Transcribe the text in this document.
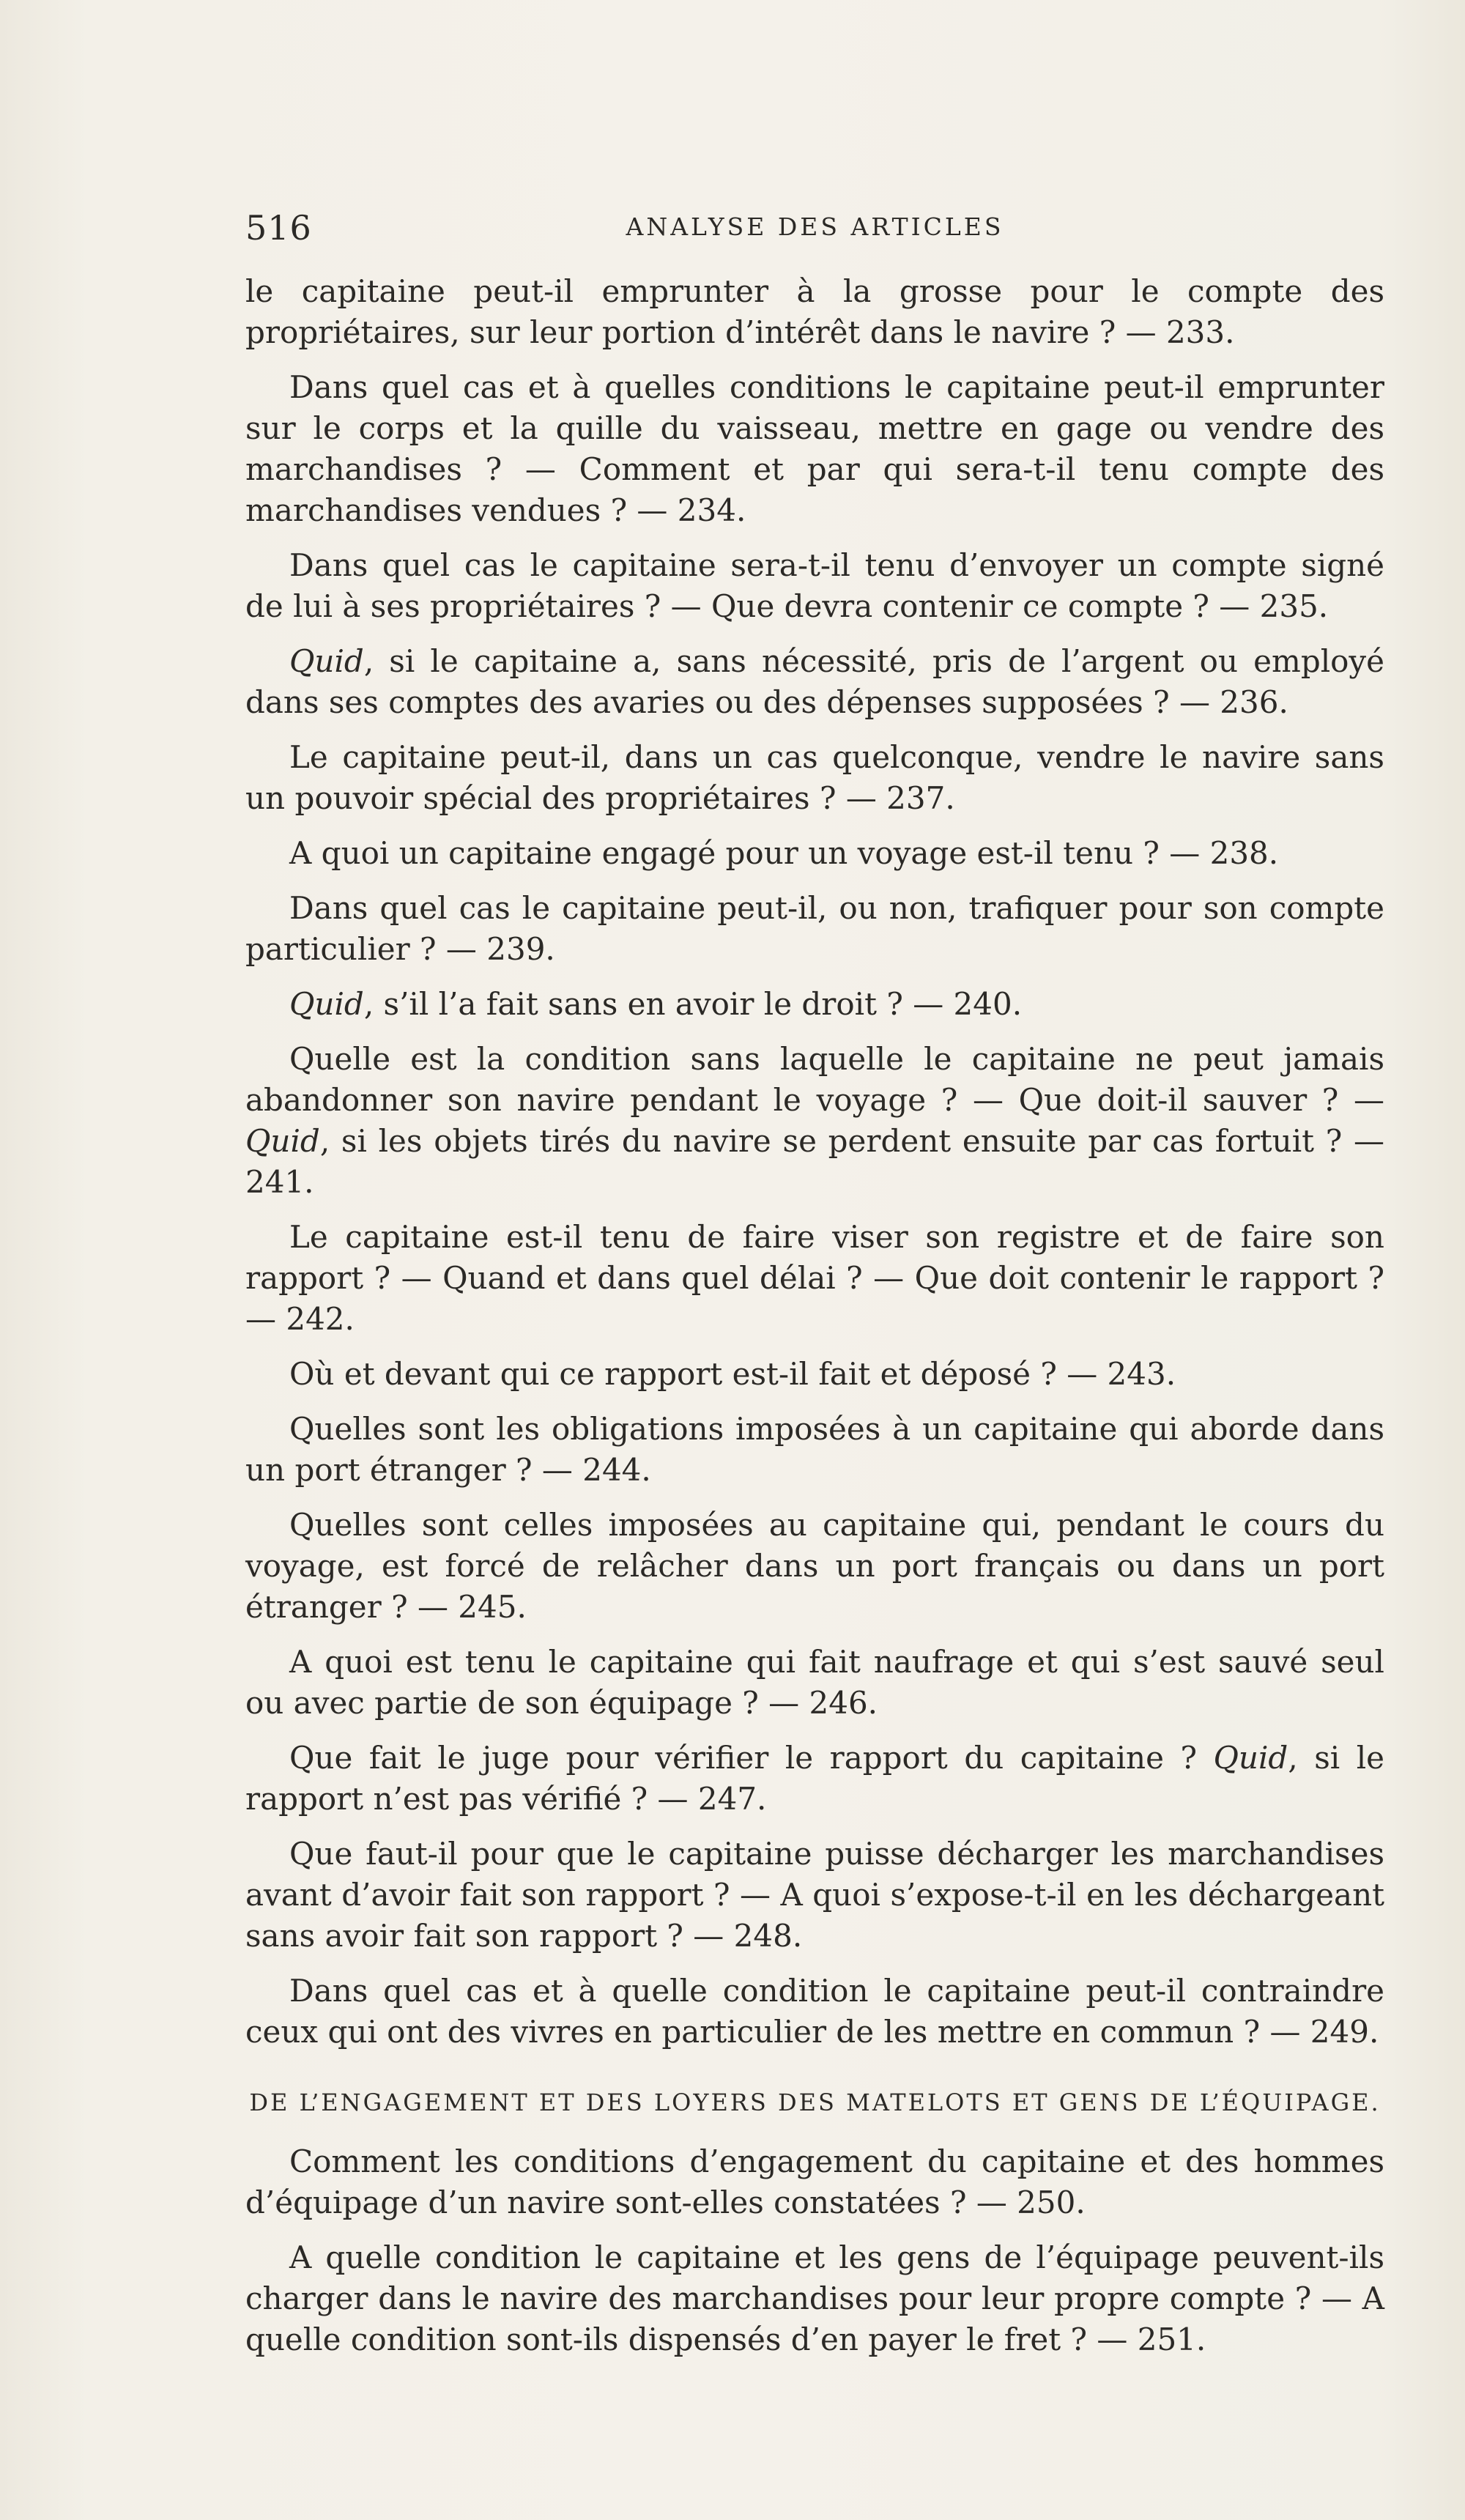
516	ANALYSE DES ARTICLES

le capitaine peut-il emprunter à la grosse pour le compte des propriétaires, sur leur portion d’intérêt dans le navire ? — 233.

Dans quel cas et à quelles conditions le capitaine peut-il emprunter sur le corps et la quille du vaisseau, mettre en gage ou vendre des marchandises ? — Comment et par qui sera-t-il tenu compte des marchandises vendues ? — 234.

Dans quel cas le capitaine sera-t-il tenu d’envoyer un compte signé de lui à ses propriétaires ? — Que devra contenir ce compte ? — 235.

Quid, si le capitaine a, sans nécessité, pris de l’argent ou employé dans ses comptes des avaries ou des dépenses supposées ? — 236.

Le capitaine peut-il, dans un cas quelconque, vendre le navire sans un pouvoir spécial des propriétaires ? — 237.

A quoi un capitaine engagé pour un voyage est-il tenu ? — 238.

Dans quel cas le capitaine peut-il, ou non, trafiquer pour son compte particulier ? — 239.

Quid, s’il l’a fait sans en avoir le droit ? — 240.

Quelle est la condition sans laquelle le capitaine ne peut jamais abandonner son navire pendant le voyage ? — Que doit-il sauver ? — Quid, si les objets tirés du navire se perdent ensuite par cas fortuit ? — 241.

Le capitaine est-il tenu de faire viser son registre et de faire son rapport ? — Quand et dans quel délai ? — Que doit contenir le rapport ? — 242.

Où et devant qui ce rapport est-il fait et déposé ? — 243.

Quelles sont les obligations imposées à un capitaine qui aborde dans un port étranger ? — 244.

Quelles sont celles imposées au capitaine qui, pendant le cours du voyage, est forcé de relâcher dans un port français ou dans un port étranger ? — 245.

A quoi est tenu le capitaine qui fait naufrage et qui s’est sauvé seul ou avec partie de son équipage ? — 246.

Que fait le juge pour vérifier le rapport du capitaine ? Quid, si le rapport n’est pas vérifié ? — 247.

Que faut-il pour que le capitaine puisse décharger les marchandises avant d’avoir fait son rapport ? — A quoi s’expose-t-il en les déchargeant sans avoir fait son rapport ? — 248.

Dans quel cas et à quelle condition le capitaine peut-il contraindre ceux qui ont des vivres en particulier de les mettre en commun ? — 249.

DE L’ENGAGEMENT ET DES LOYERS DES MATELOTS ET GENS DE L’ÉQUIPAGE.

Comment les conditions d’engagement du capitaine et des hommes d’équipage d’un navire sont-elles constatées ? — 250.

A quelle condition le capitaine et les gens de l’équipage peuvent-ils charger dans le navire des marchandises pour leur propre compte ? — A quelle condition sont-ils dispensés d’en payer le fret ? — 251.
